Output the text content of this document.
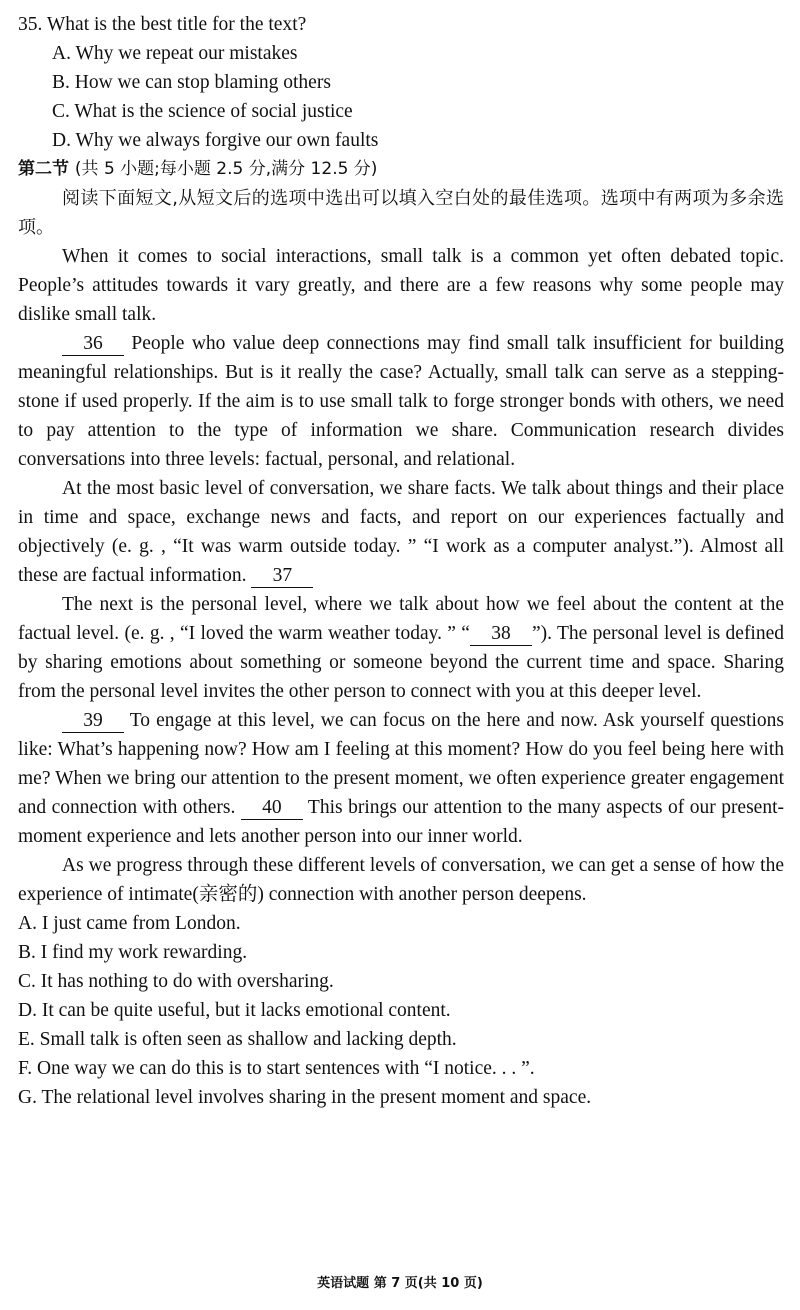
35. What is the best title for the text?
A. Why we repeat our mistakes
B. How we can stop blaming others
C. What is the science of social justice
D. Why we always forgive our own faults
第二节 (共 5 小题;每小题 2.5 分,满分 12.5 分)
阅读下面短文,从短文后的选项中选出可以填入空白处的最佳选项。选项中有两项为多余选项。
When it comes to social interactions, small talk is a common yet often debated topic. People’s attitudes towards it vary greatly, and there are a few reasons why some people may dislike small talk.
36 People who value deep connections may find small talk insufficient for building meaningful relationships. But is it really the case? Actually, small talk can serve as a stepping-stone if used properly. If the aim is to use small talk to forge stronger bonds with others, we need to pay attention to the type of information we share. Communication research divides conversations into three levels: factual, personal, and relational.
At the most basic level of conversation, we share facts. We talk about things and their place in time and space, exchange news and facts, and report on our experiences factually and objectively (e. g. , “It was warm outside today. ” “I work as a computer analyst.”). Almost all these are factual information. 37
The next is the personal level, where we talk about how we feel about the content at the factual level. (e. g. , “I loved the warm weather today. ” “ 38 ”). The personal level is defined by sharing emotions about something or someone beyond the current time and space. Sharing from the personal level invites the other person to connect with you at this deeper level.
39 To engage at this level, we can focus on the here and now. Ask yourself questions like: What’s happening now? How am I feeling at this moment? How do you feel being here with me? When we bring our attention to the present moment, we often experience greater engagement and connection with others. 40 This brings our attention to the many aspects of our present-moment experience and lets another person into our inner world.
As we progress through these different levels of conversation, we can get a sense of how the experience of intimate(亲密的) connection with another person deepens.
A. I just came from London.
B. I find my work rewarding.
C. It has nothing to do with oversharing.
D. It can be quite useful, but it lacks emotional content.
E. Small talk is often seen as shallow and lacking depth.
F. One way we can do this is to start sentences with “I notice. . . ”.
G. The relational level involves sharing in the present moment and space.
英语试题 第 7 页(共 10 页)
